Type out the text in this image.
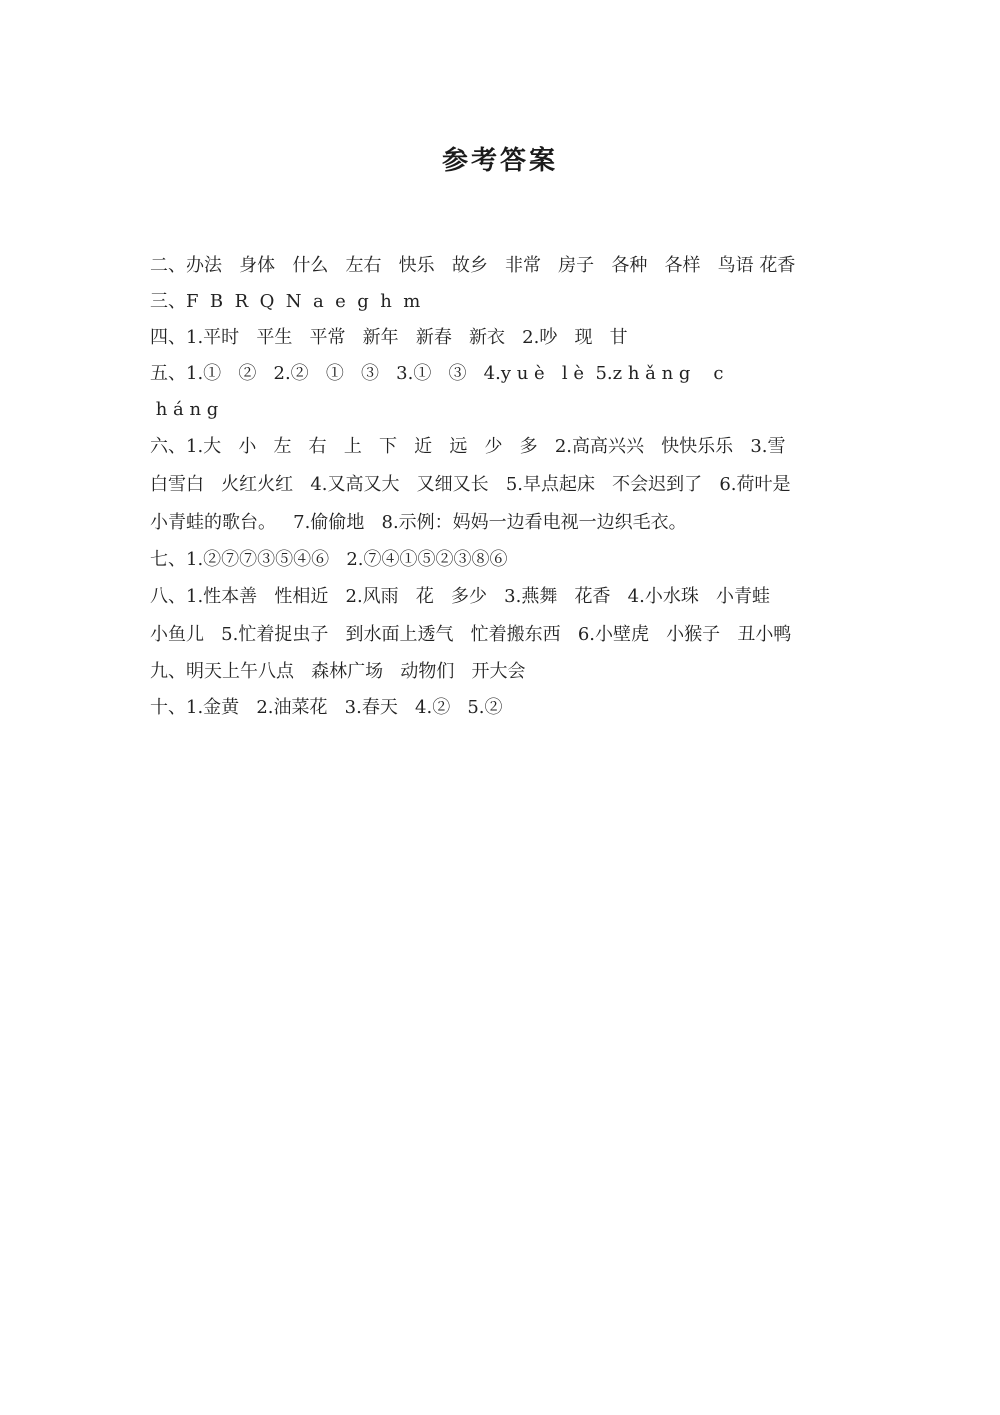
参考答案
二、办法   身体   什么   左右   快乐   故乡   非常   房子   各种   各样   鸟语 花香
三、F  B  R  Q  N  a  e  g  h  m
四、1.平时   平生   平常   新年   新春   新衣   2.吵   现   甘
五、1.①   ②   2.②   ①   ③   3.①   ③   4.y u è   l è  5.z h ǎ n g    c
h á n g
六、1.大   小   左   右   上   下   近   远   少   多   2.高高兴兴   快快乐乐   3.雪
白雪白   火红火红   4.又高又大   又细又长   5.早点起床   不会迟到了   6.荷叶是
小青蛙的歌台。   7.偷偷地   8.示例：妈妈一边看电视一边织毛衣。
七、1.②⑦⑦③⑤④⑥   2.⑦④①⑤②③⑧⑥
八、1.性本善   性相近   2.风雨   花   多少   3.燕舞   花香   4.小水珠   小青蛙
小鱼儿   5.忙着捉虫子   到水面上透气   忙着搬东西   6.小壁虎   小猴子   丑小鸭
九、明天上午八点   森林广场   动物们   开大会
十、1.金黄   2.油菜花   3.春天   4.②   5.②
